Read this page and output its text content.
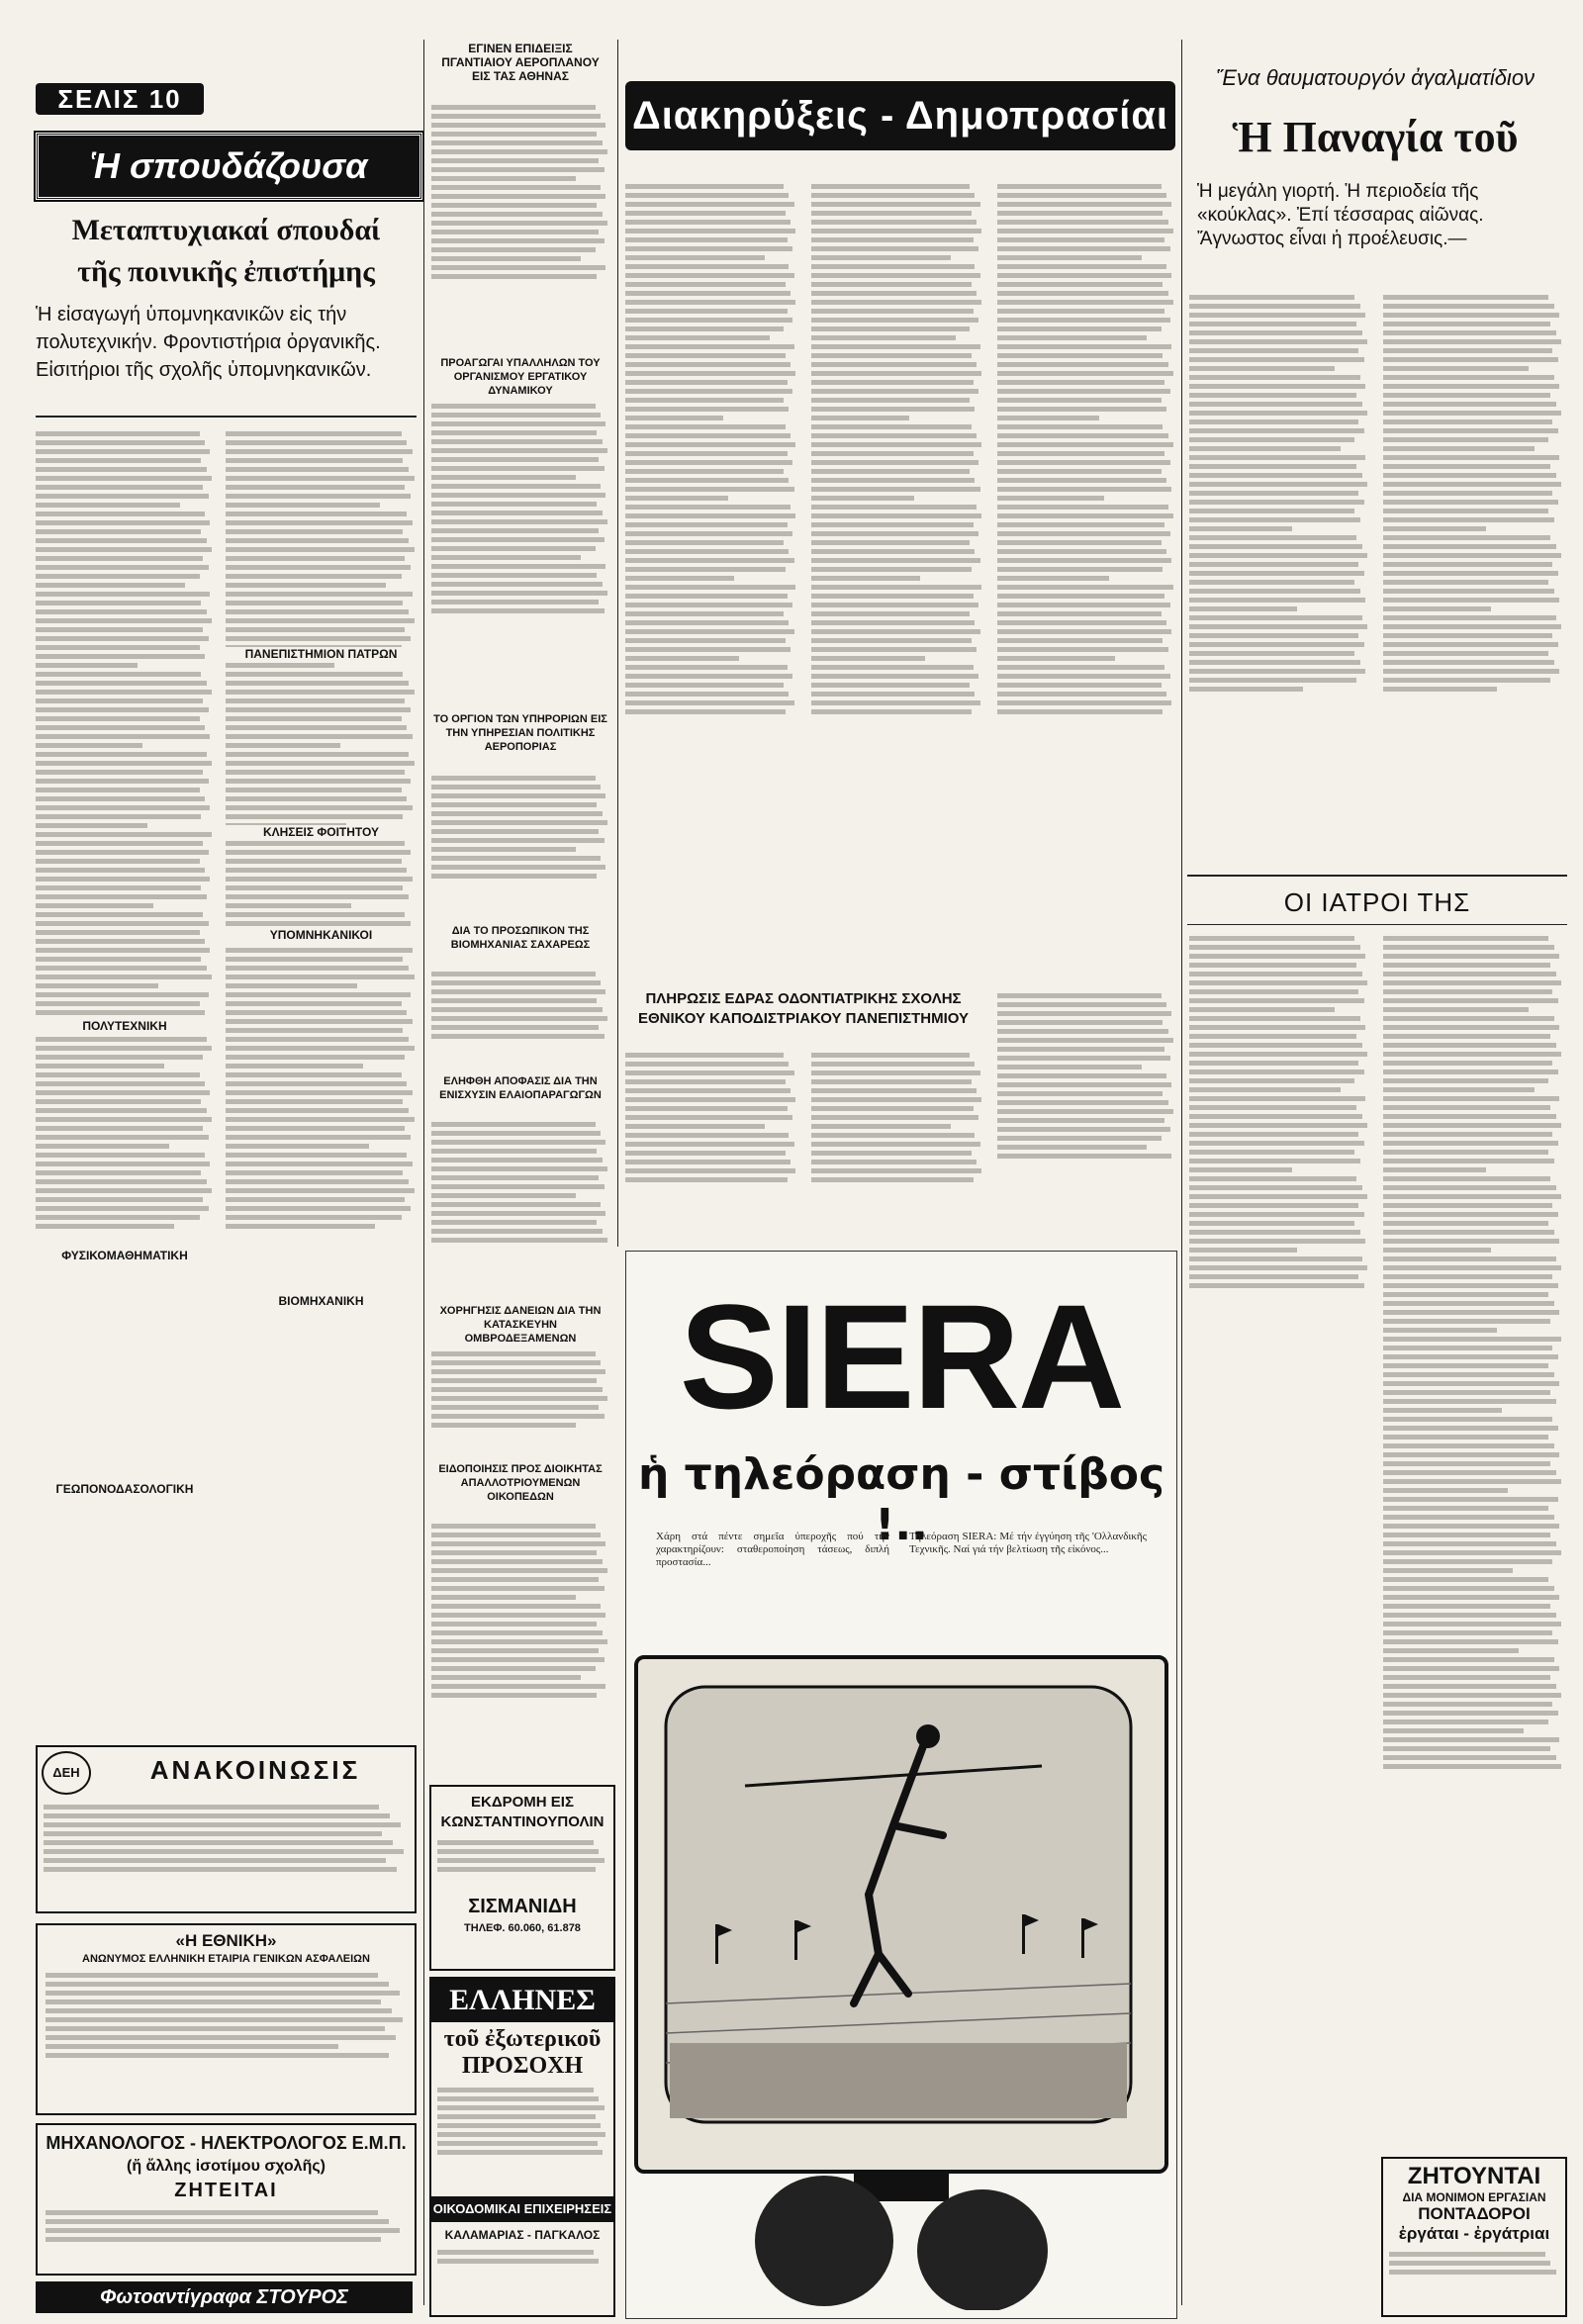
ΣΕΛΙΣ 10
Ἡ σπουδάζουσα
Μεταπτυχιακαί σπουδαί
τῆς ποινικῆς ἐπιστήμης
Ἡ εἰσαγωγή ὑπομνηκανικῶν εἰς τήν πολυτεχνικήν. Φροντιστήρια ὀργανικῆς. Εἰσιτήριοι τῆς σχολῆς ὑπομνηκανικῶν.
ΠΟΛΥΤΕΧΝΙΚΗ
ΦΥΣΙΚΟΜΑΘΗΜΑΤΙΚΗ
ΓΕΩΠΟΝΟΔΑΣΟΛΟΓΙΚΗ
ΠΑΝΕΠΙΣΤΗΜΙΟΝ ΠΑΤΡΩΝ
ΚΛΗΣΕΙΣ ΦΟΙΤΗΤΟΥ
ΥΠΟΜΝΗΚΑΝΙΚΟΙ
ΒΙΟΜΗΧΑΝΙΚΗ
ΔΕΗ	ΑΝΑΚΟΙΝΩΣΙΣ
«Η ΕΘΝΙΚΗ»
ΑΝΩΝΥΜΟΣ ΕΛΛΗΝΙΚΗ ΕΤΑΙΡΙΑ ΓΕΝΙΚΩΝ ΑΣΦΑΛΕΙΩΝ
ΜΗΧΑΝΟΛΟΓΟΣ - ΗΛΕΚΤΡΟΛΟΓΟΣ Ε.Μ.Π.
(ἤ ἄλλης ἰσοτίμου σχολῆς)
ΖΗΤΕΙΤΑΙ
Φωτοαντίγραφα ΣΤΟΥΡΟΣ
ΕΓΙΝΕΝ ΕΠΙΔΕΙΞΙΣ ΠΓΑΝΤΙΑΙΟΥ ΑΕΡΟΠΛΑΝΟΥ ΕΙΣ ΤΑΣ ΑΘΗΝΑΣ
ΠΡΟΑΓΩΓΑΙ ΥΠΑΛΛΗΛΩΝ ΤΟΥ ΟΡΓΑΝΙΣΜΟΥ ΕΡΓΑΤΙΚΟΥ ΔΥΝΑΜΙΚΟΥ
ΤΟ ΟΡΓΙΟΝ ΤΩΝ ΥΠΗΡΟΡΙΩΝ ΕΙΣ ΤΗΝ ΥΠΗΡΕΣΙΑΝ ΠΟΛΙΤΙΚΗΣ ΑΕΡΟΠΟΡΙΑΣ
ΔΙΑ ΤΟ ΠΡΟΣΩΠΙΚΟΝ ΤΗΣ ΒΙΟΜΗΧΑΝΙΑΣ ΣΑΧΑΡΕΩΣ
ΕΛΗΦΘΗ ΑΠΟΦΑΣΙΣ ΔΙΑ ΤΗΝ ΕΝΙΣΧΥΣΙΝ ΕΛΑΙΟΠΑΡΑΓΩΓΩΝ
ΧΟΡΗΓΗΣΙΣ ΔΑΝΕΙΩΝ ΔΙΑ ΤΗΝ ΚΑΤΑΣΚΕΥΗΝ ΟΜΒΡΟΔΕΞΑΜΕΝΩΝ
ΕΙΔΟΠΟΙΗΣΙΣ ΠΡΟΣ ΔΙΟΙΚΗΤΑΣ ΑΠΑΛΛΟΤΡΙΟΥΜΕΝΩΝ ΟΙΚΟΠΕΔΩΝ
ΕΚΔΡΟΜΗ ΕΙΣ ΚΩΝΣΤΑΝΤΙΝΟΥΠΟΛΙΝ
ΣΙΣΜΑΝΙΔΗ
ΤΗΛΕΦ. 60.060, 61.878
ΕΛΛΗΝΕΣ
τοῦ ἐξωτερικοῦ
ΠΡΟΣΟΧΗ
ΟΙΚΟΔΟΜΙΚΑΙ ΕΠΙΧΕΙΡΗΣΕΙΣ
ΚΑΛΑΜΑΡΙΑΣ - ΠΑΓΚΑΛΟΣ
Διακηρύξεις - Δημοπρασίαι
ΠΛΗΡΩΣΙΣ ΕΔΡΑΣ ΟΔΟΝΤΙΑΤΡΙΚΗΣ ΣΧΟΛΗΣ ΕΘΝΙΚΟΥ ΚΑΠΟΔΙΣΤΡΙΑΚΟΥ ΠΑΝΕΠΙΣΤΗΜΙΟΥ
SIERA
ἡ τηλεόραση - στίβος !..
Χάρη στά πέντε σημεῖα ὑπεροχῆς πού τήν χαρακτηρίζουν: σταθεροποίηση τάσεως, διπλή προστασία...
Τηλεόραση SIERA: Μέ τήν ἐγγύηση τῆς 'Ολλανδικῆς Τεχνικῆς. Ναί γιά τήν βελτίωση τῆς εἰκόνος...
Ἕνα θαυματουργόν ἀγαλματίδιον
Ἡ Παναγία τοῦ
Ἡ μεγάλη γιορτή. Ἡ περιοδεία τῆς «κούκλας». Ἐπί τέσσαρας αἰῶνας. Ἄγνωστος εἶναι ἡ προέλευσις.—
ΟΙ ΙΑΤΡΟΙ ΤΗΣ
ΖΗΤΟΥΝΤΑΙ
ΔΙΑ ΜΟΝΙΜΟΝ ΕΡΓΑΣΙΑΝ
ΠΟΝΤΑΔΟΡΟΙ
ἐργάται - ἐργάτριαι
